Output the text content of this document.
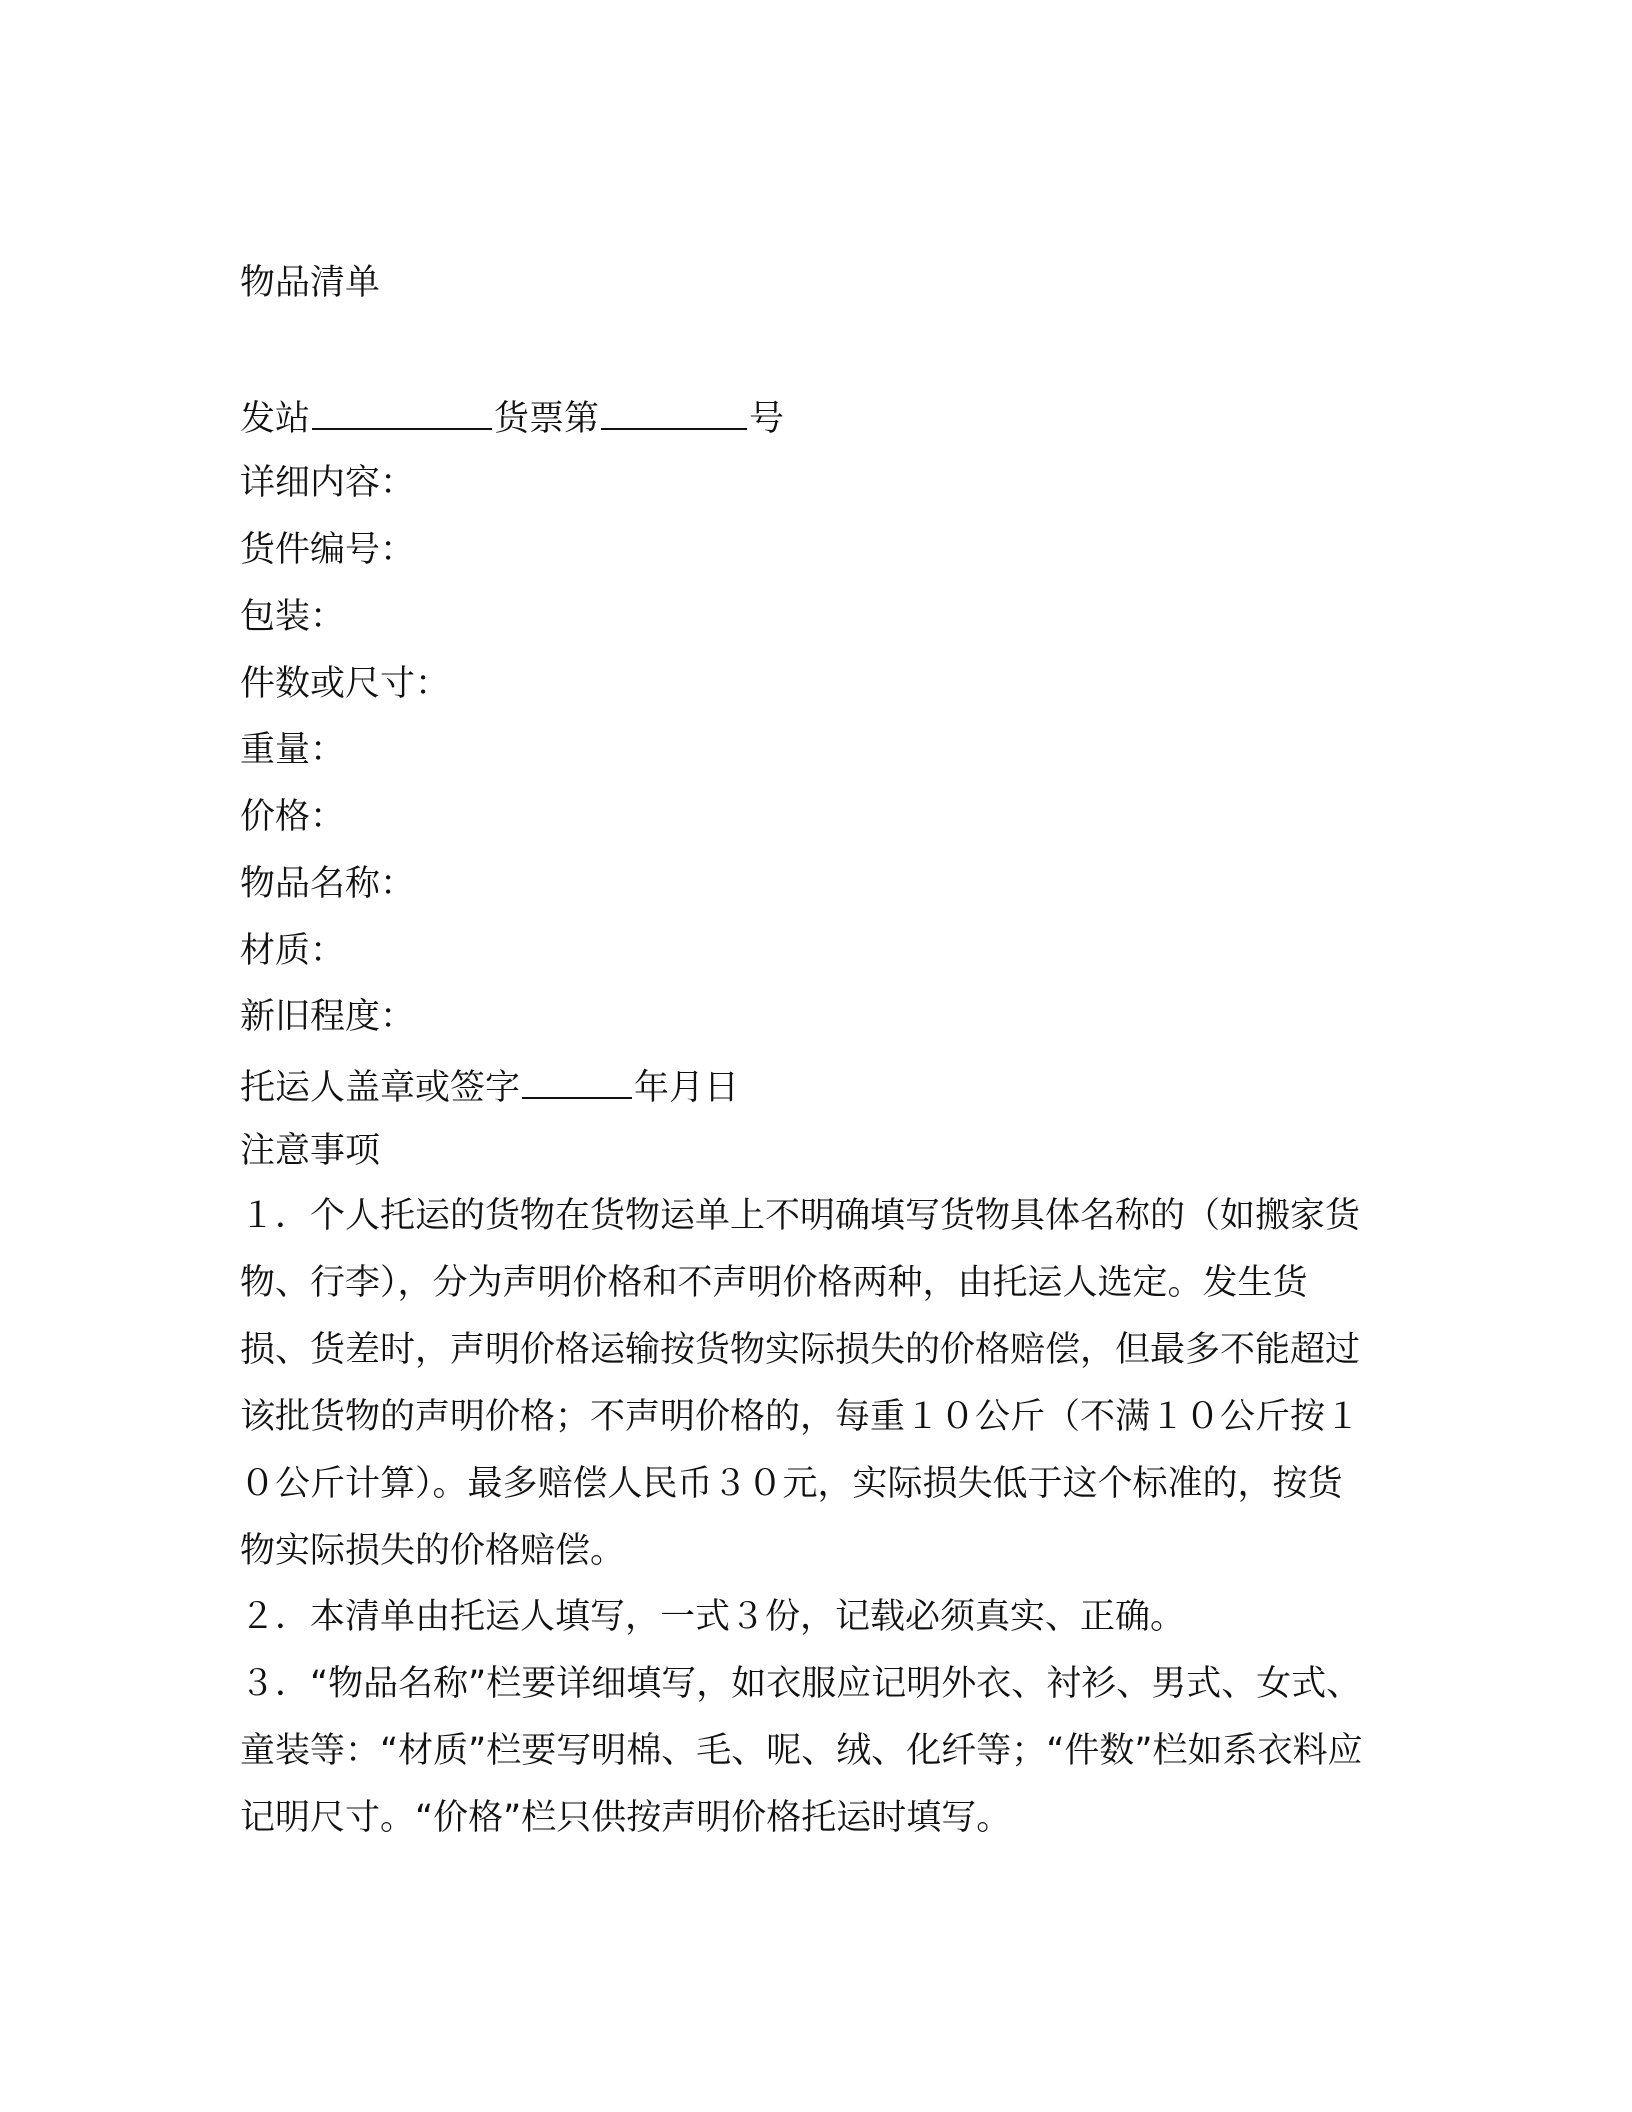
物品清单

发站	货票第	号

详细内容：

货件编号：

包装：

件数或尺寸：

重量：

价格：

物品名称：

材质：

新旧程度：

托运人盖章或签字	年月日

注意事项

１．个人托运的货物在货物运单上不明确填写货物具体名称的（如搬家货物、行李），分为声明价格和不声明价格两种，由托运人选定。发生货损、货差时，声明价格运输按货物实际损失的价格赔偿，但最多不能超过该批货物的声明价格；不声明价格的，每重１０公斤（不满１０公斤按１０公斤计算）。最多赔偿人民币３０元，实际损失低于这个标准的，按货物实际损失的价格赔偿。

２．本清单由托运人填写，一式３份，记载必须真实、正确。

３．“物品名称”栏要详细填写，如衣服应记明外衣、衬衫、男式、女式、童装等：“材质”栏要写明棉、毛、呢、绒、化纤等；“件数”栏如系衣料应记明尺寸。“价格”栏只供按声明价格托运时填写。
